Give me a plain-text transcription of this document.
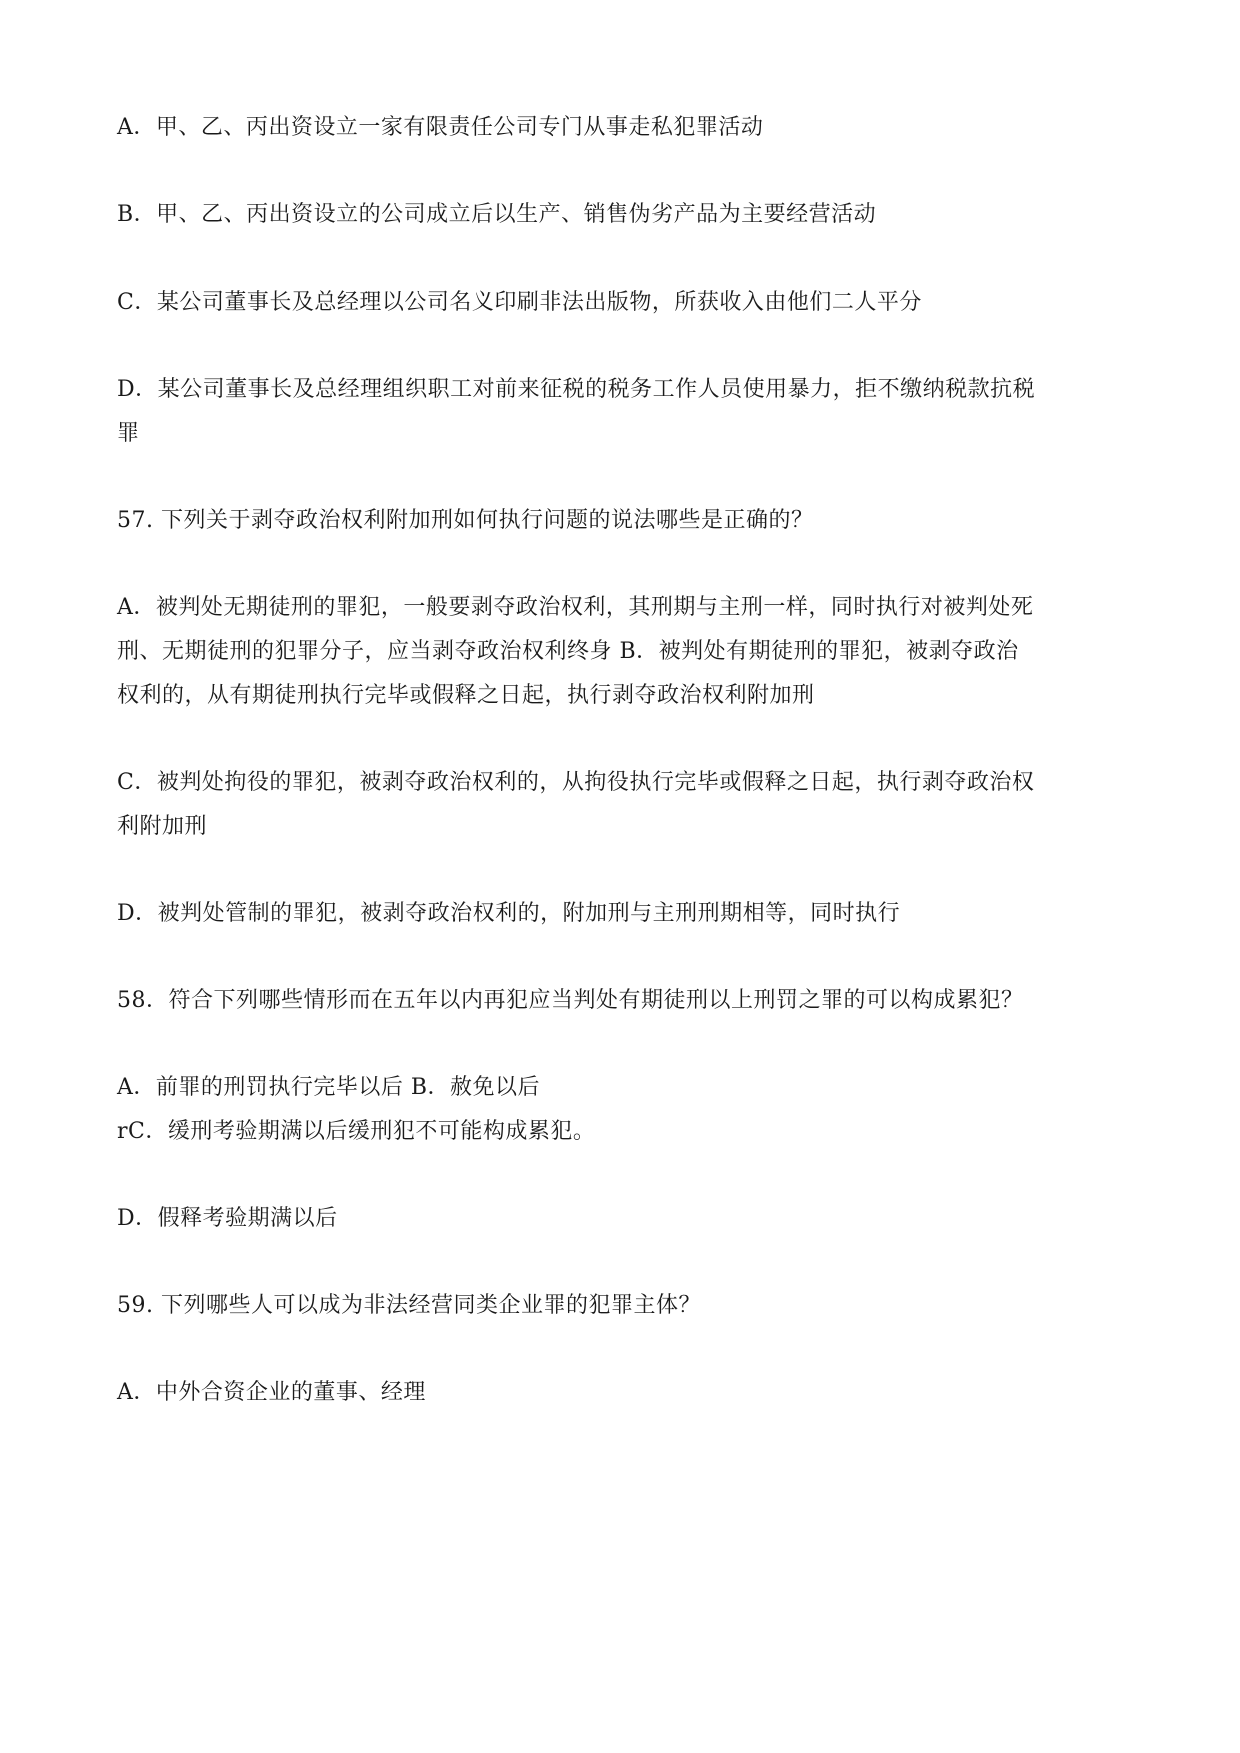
A．甲、乙、丙出资设立一家有限责任公司专门从事走私犯罪活动
B．甲、乙、丙出资设立的公司成立后以生产、销售伪劣产品为主要经营活动
C．某公司董事长及总经理以公司名义印刷非法出版物，所获收入由他们二人平分
D．某公司董事长及总经理组织职工对前来征税的税务工作人员使用暴力，拒不缴纳税款抗税
罪
57. 下列关于剥夺政治权利附加刑如何执行问题的说法哪些是正确的？
A．被判处无期徒刑的罪犯，一般要剥夺政治权利，其刑期与主刑一样，同时执行对被判处死
刑、无期徒刑的犯罪分子，应当剥夺政治权利终身 B．被判处有期徒刑的罪犯，被剥夺政治
权利的，从有期徒刑执行完毕或假释之日起，执行剥夺政治权利附加刑
C．被判处拘役的罪犯，被剥夺政治权利的，从拘役执行完毕或假释之日起，执行剥夺政治权
利附加刑
D．被判处管制的罪犯，被剥夺政治权利的，附加刑与主刑刑期相等，同时执行
58．符合下列哪些情形而在五年以内再犯应当判处有期徒刑以上刑罚之罪的可以构成累犯？
A．前罪的刑罚执行完毕以后 B．赦免以后
rC．缓刑考验期满以后缓刑犯不可能构成累犯。
D．假释考验期满以后
59. 下列哪些人可以成为非法经营同类企业罪的犯罪主体？
A．中外合资企业的董事、经理
